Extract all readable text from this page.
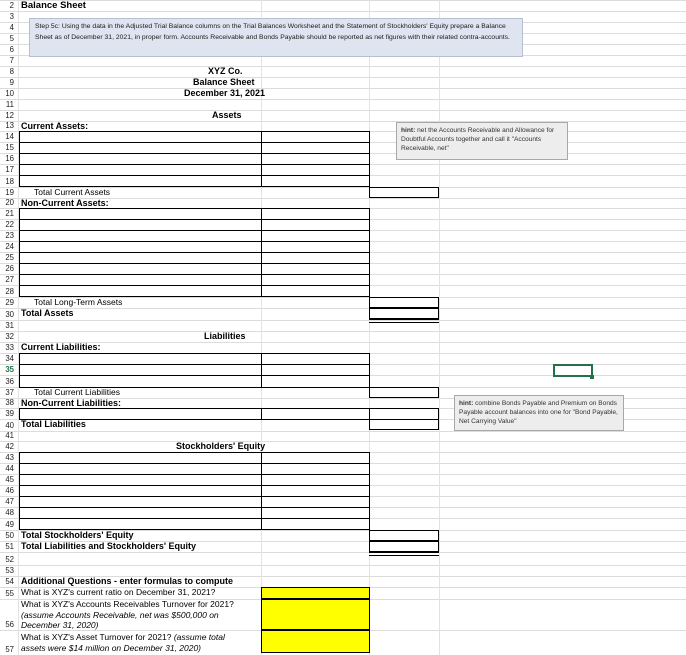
2
3
4
5
6
7
8
9
10
11
12
13
14
15
16
17
18
19
20
21
22
23
24
25
26
27
28
29
30
31
32
33
34
35
36
37
38
39
40
41
42
43
44
45
46
47
48
49
50
51
52
53
54
55
56
57
Balance Sheet
Step 5c: Using the data in the Adjusted Trial Balance columns on the Trial Balances Worksheet and the Statement of Stockholders' Equity prepare a Balance Sheet as of December 31, 2021, in proper form. Accounts Receivable and Bonds Payable should be reported as net figures with their related contra-accounts.
XYZ Co.
Balance Sheet
December 31, 2021
Assets
Current Assets:
Total Current Assets
Non-Current Assets:
Total Long-Term Assets
Total Assets
hint: net the Accounts Receivable and Allowance for Doubtful Accounts together and call it "Accounts Receivable, net"
Liabilities
Current Liabilities:
Total Current Liabilities
Non-Current Liabilities:
Total Liabilities
hint: combine Bonds Payable and Premium on Bonds Payable account balances into one for "Bond Payable, Net Carrying Value"
Stockholders' Equity
Total Stockholders' Equity
Total Liabilities and Stockholders' Equity
Additional Questions - enter formulas to compute
What is XYZ's current ratio on December 31, 2021?
What is XYZ's Accounts Receivables Turnover for 2021?
(assume Accounts Receivable, net was $500,000 on
December 31, 2020)
What is XYZ's Asset Turnover for 2021? (assume total
assets were $14 million on December 31, 2020)
